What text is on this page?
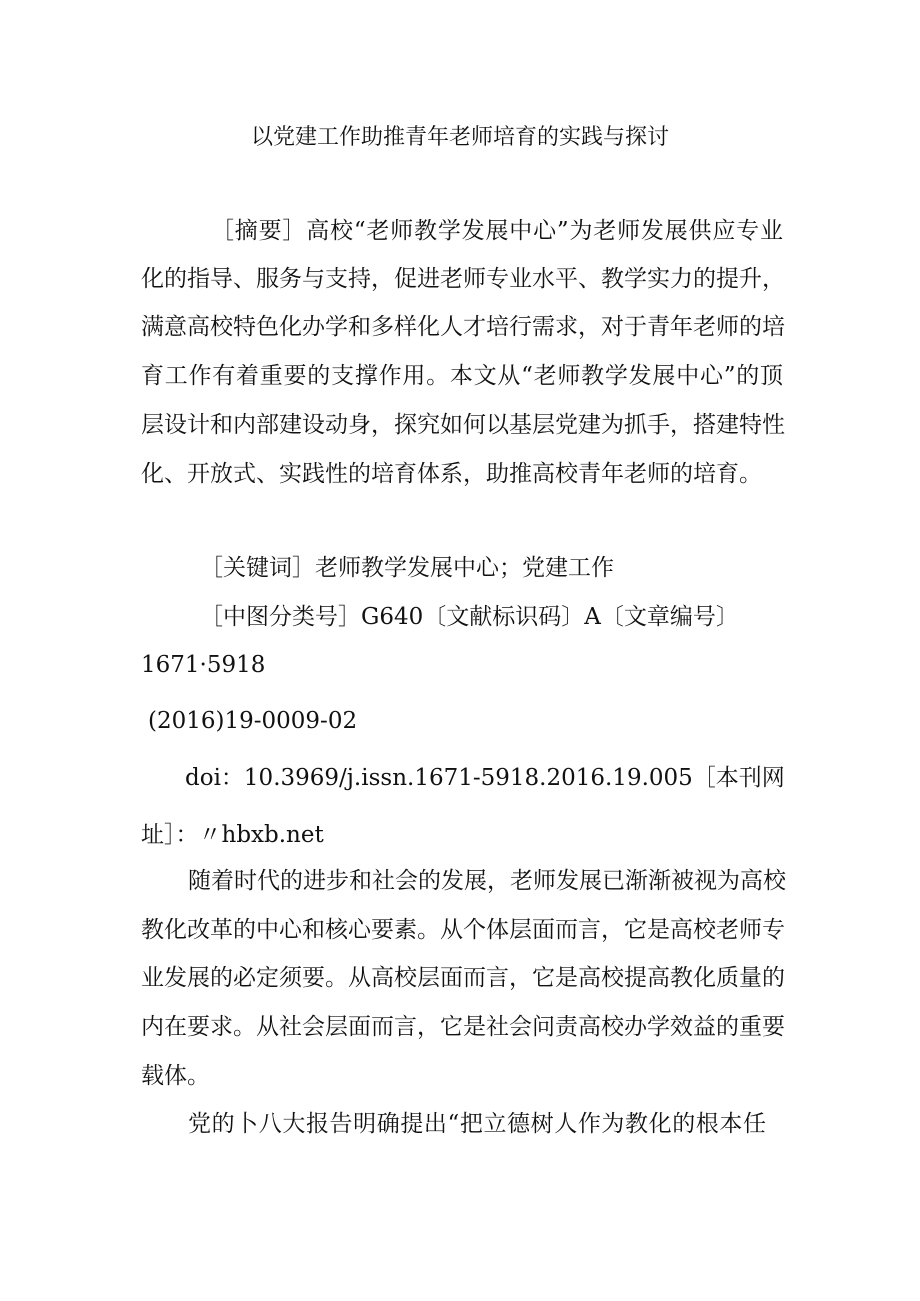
以党建工作助推青年老师培育的实践与探讨
［摘要］高校“老师教学发展中心”为老师发展供应专业
化的指导、服务与支持，促进老师专业水平、教学实力的提升，
满意高校特色化办学和多样化人才培行需求，对于青年老师的培
育工作有着重要的支撑作用。本文从“老师教学发展中心”的顶
层设计和内部建设动身，探究如何以基层党建为抓手，搭建特性
化、开放式、实践性的培育体系，助推高校青年老师的培育。
［关键词］老师教学发展中心；党建工作
［中图分类号］G640〔文献标识码〕A〔文章编号〕
1671·5918
(2016)19-0009-02
doi：10.3969/j.issn.1671-5918.2016.19.005［本刊网
址］：〃hbxb.net
随着时代的进步和社会的发展，老师发展已渐渐被视为高校
教化改革的中心和核心要素。从个体层面而言，它是高校老师专
业发展的必定须要。从高校层面而言，它是高校提高教化质量的
内在要求。从社会层面而言，它是社会问责高校办学效益的重要
载体。
党的卜八大报告明确提出“把立德树人作为教化的根本任
